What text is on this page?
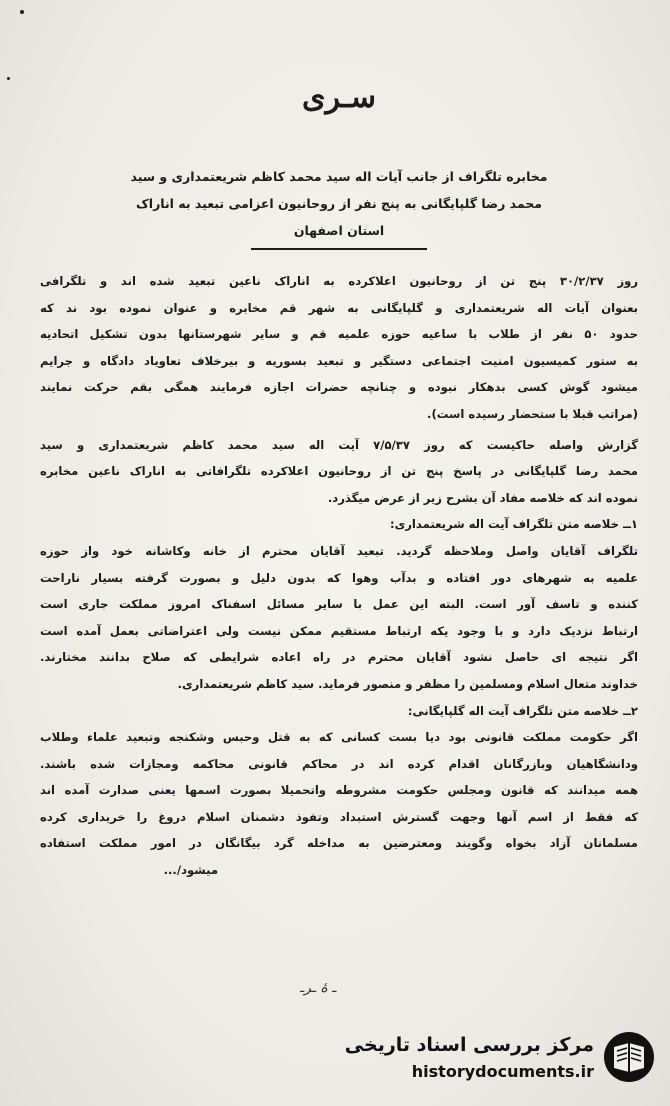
سـری
مخابره تلگراف از جانب آیات اله سید محمد کاظم شریعتمداری و سید
محمد رضا گلپایگانی به پنج نفر از روحانیون اعزامی تبعید به اناراک
استان اصفهان
روز ۳۰/۲/۳۷ پنج تن از روحانیون اعلاکرده به اناراک ناعین تبعید شده اند و تلگرافی
بعنوان آیات اله شریعتمداری و گلپایگانی به شهر قم مخابره و عنوان نموده بود ند که
حدود ۵۰ نفر از طلاب با ساعیه حوزه علمیه قم و سایر شهرستانها بدون تشکیل اتحادیه
به ستور کمیسیون امنیت اجتماعی دستگیر و تبعید بسوریه و بیرخلاف تعاویاد دادگاه و جرایم
میشود گوش کسی بدهکار نبوده و چنانچه حضرات اجازه فرمایند همگی بقم حرکت نمایند
(مراتب قبلا با ستحضار رسیده است).
گزارش واصله حاکیست که روز ۷/۵/۳۷ آیت اله سید محمد کاظم شریعتمداری و سید
محمد رضا گلپایگانی در پاسخ پنج تن از روحانیون اعلاکرده تلگرافاتی به اناراک ناعین مخابره
نموده اند که خلاصه مفاد آن بشرح زیر از عرض میگذرد.
۱ــ خلاصه متن تلگراف آیت اله شریعتمداری:
تلگراف آقایان واصل وملاحظه گردید. تبعید آقایان محترم از خانه وکاشانه خود واز حوزه
علمیه به شهرهای دور افتاده و بدآب وهوا که بدون دلیل و بصورت گرفته بسیار ناراحت
کننده و تاسف آور است. البته این عمل با سایر مسائل اسفناک امروز مملکت جاری است
ارتباط نزدیک دارد و با وجود یکه ارتباط مستقیم ممکن نیست ولی اعتراضاتی بعمل آمده است
اگر نتیجه ای حاصل نشود آقایان محترم در راه اعاده شرایطی که صلاح بدانند مختارند.
خداوند متعال اسلام ومسلمین را مظفر و منصور فرماید. سید کاظم شریعتمداری.
۲ــ خلاصه متن تلگراف آیت اله گلپایگانی:
اگر حکومت مملکت قانونی بود دیا بست کسانی که به قتل وحبس وشکنجه وتبعید علماء وطلاب
ودانشگاهیان وبازرگانان اقدام کرده اند در محاکم قانونی محاکمه ومجازات شده باشند.
همه میدانند که قانون ومجلس حکومت مشروطه واتحمیلا بصورت اسمها یعنی صدارت آمده اند
که فقط از اسم آنها وجهت گسترش استبداد وتفوذ دشمنان اسلام دروغ را خریداری کرده
مسلمانان آزاد بخواه وگویند ومعترضین به مداخله گرد بیگانگان در امور مملکت استفاده
میشود/...
ـ ۀ ـرـ
مرکز بررسی اسناد تاریخی
historydocuments.ir
